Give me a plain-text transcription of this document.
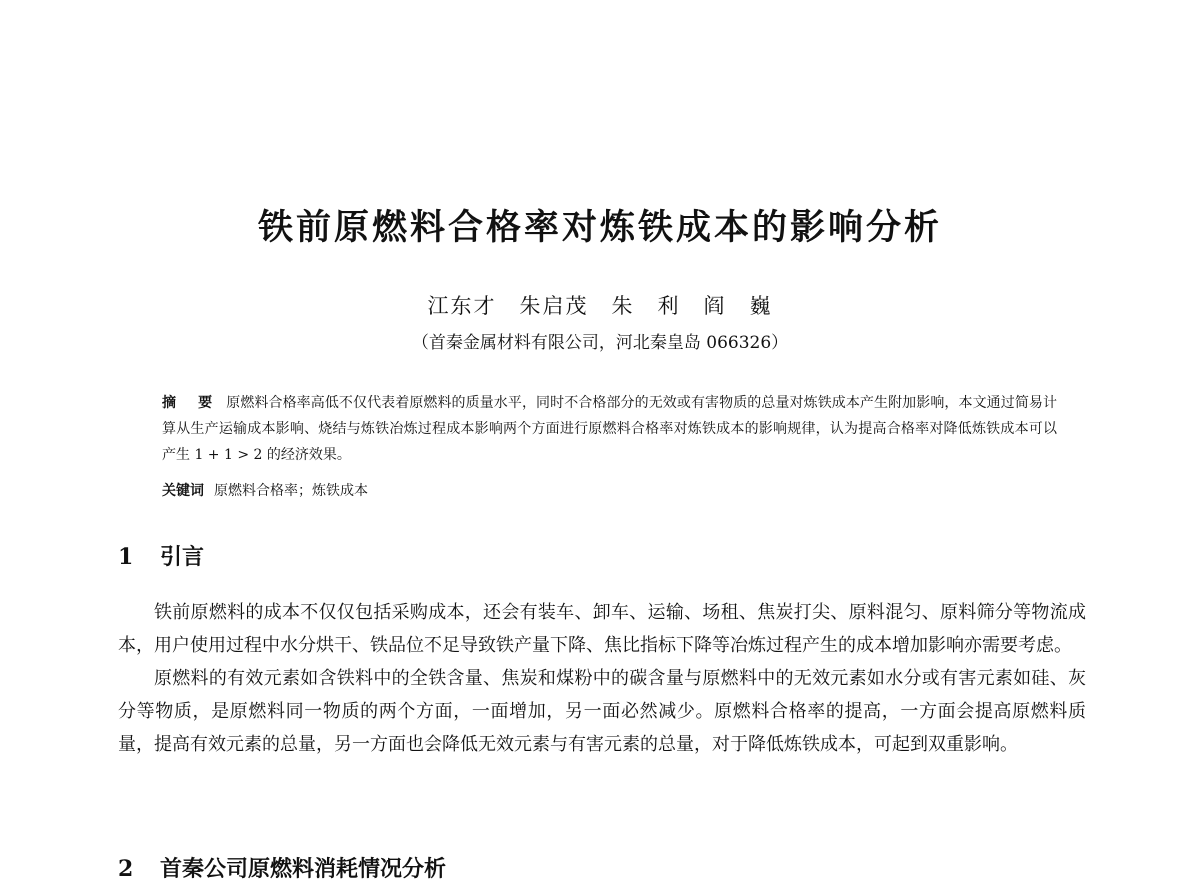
铁前原燃料合格率对炼铁成本的影响分析
江东才　朱启茂　朱　利　阎　巍
（首秦金属材料有限公司，河北秦皇岛 066326）
摘　要 原燃料合格率高低不仅代表着原燃料的质量水平，同时不合格部分的无效或有害物质的总量对炼铁成本产生附加影响，本文通过简易计算从生产运输成本影响、烧结与炼铁冶炼过程成本影响两个方面进行原燃料合格率对炼铁成本的影响规律，认为提高合格率对降低炼铁成本可以产生 1 + 1 > 2 的经济效果。
关键词 原燃料合格率；炼铁成本
1 引言

铁前原燃料的成本不仅仅包括采购成本，还会有装车、卸车、运输、场租、焦炭打尖、原料混匀、原料筛分等物流成本，用户使用过程中水分烘干、铁品位不足导致铁产量下降、焦比指标下降等冶炼过程产生的成本增加影响亦需要考虑。

原燃料的有效元素如含铁料中的全铁含量、焦炭和煤粉中的碳含量与原燃料中的无效元素如水分或有害元素如硅、灰分等物质，是原燃料同一物质的两个方面，一面增加，另一面必然减少。原燃料合格率的提高，一方面会提高原燃料质量，提高有效元素的总量，另一方面也会降低无效元素与有害元素的总量，对于降低炼铁成本，可起到双重影响。

2 首秦公司原燃料消耗情况分析
